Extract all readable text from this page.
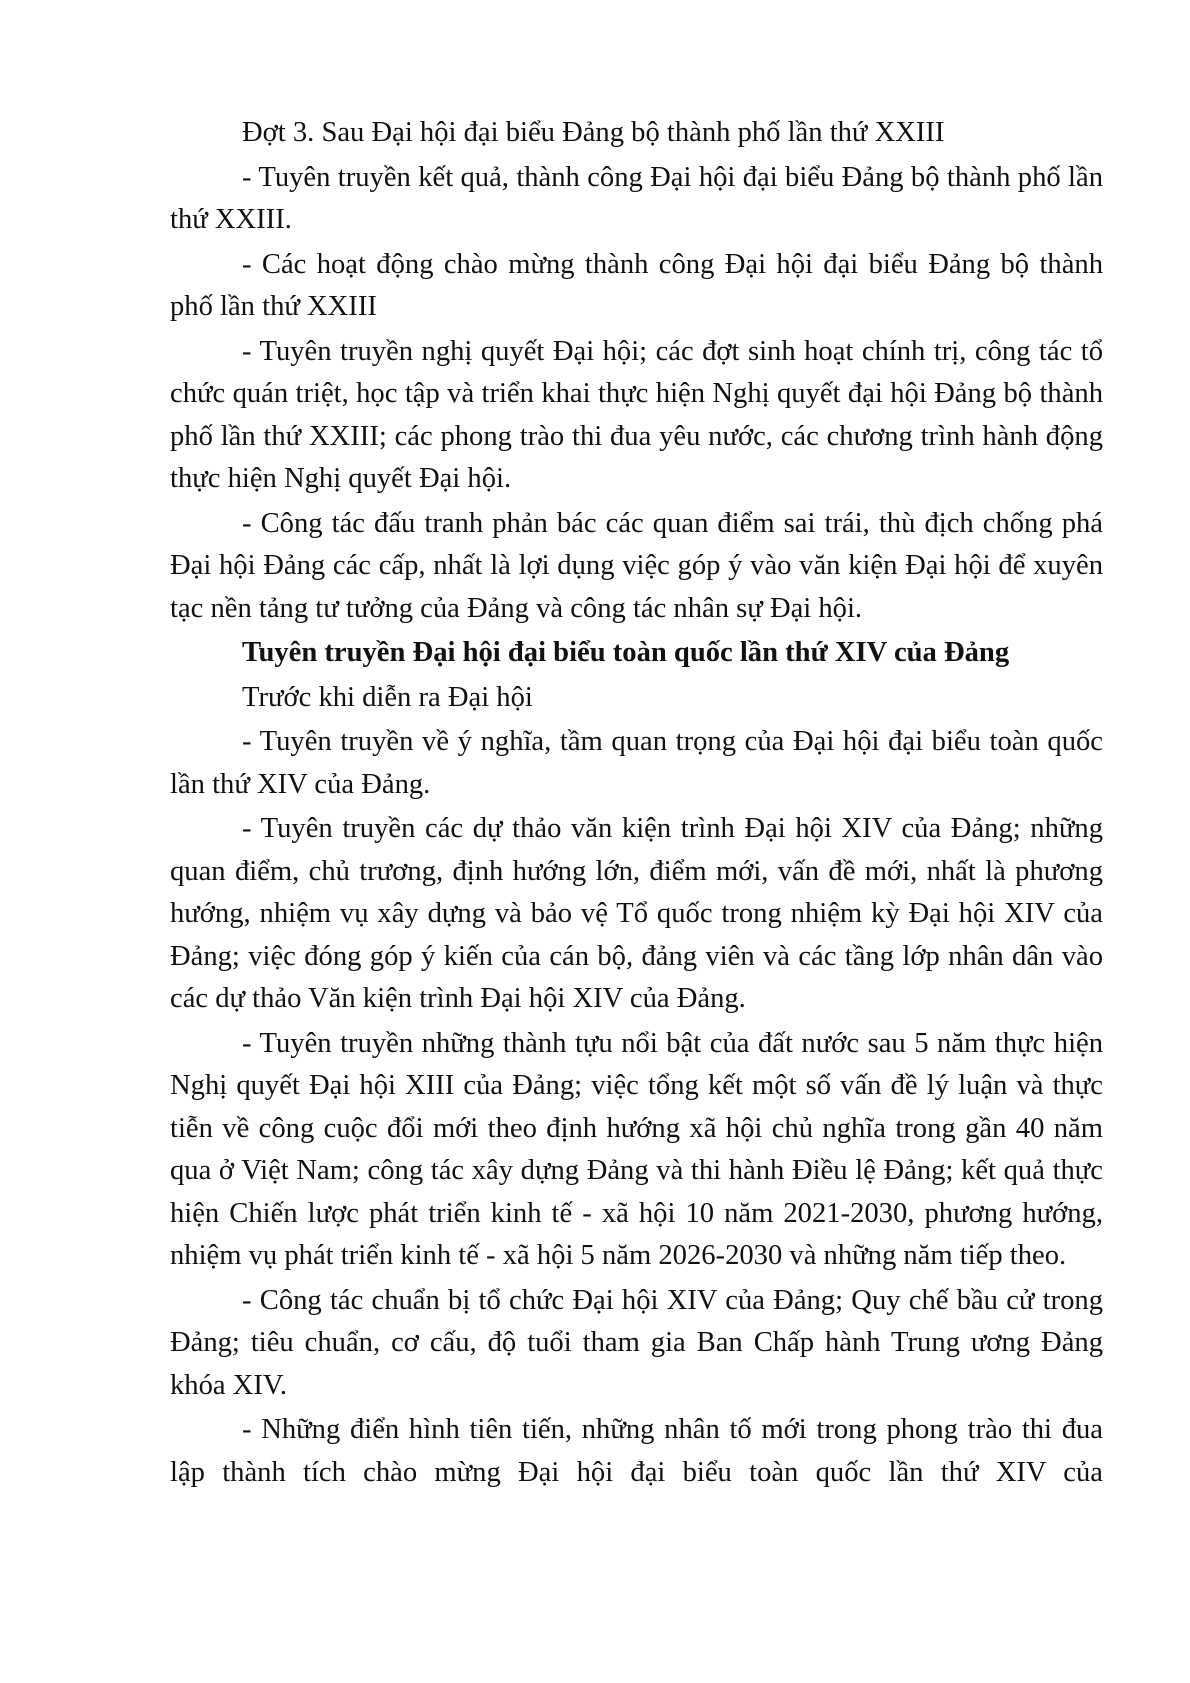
Đợt 3. Sau Đại hội đại biểu Đảng bộ thành phố lần thứ XXIII

- Tuyên truyền kết quả, thành công Đại hội đại biểu Đảng bộ thành phố lần thứ XXIII.

- Các hoạt động chào mừng thành công Đại hội đại biểu Đảng bộ thành phố lần thứ XXIII

- Tuyên truyền nghị quyết Đại hội; các đợt sinh hoạt chính trị, công tác tổ chức quán triệt, học tập và triển khai thực hiện Nghị quyết đại hội Đảng bộ thành phố lần thứ XXIII; các phong trào thi đua yêu nước, các chương trình hành động thực hiện Nghị quyết Đại hội.

- Công tác đấu tranh phản bác các quan điểm sai trái, thù địch chống phá Đại hội Đảng các cấp, nhất là lợi dụng việc góp ý vào văn kiện Đại hội để xuyên tạc nền tảng tư tưởng của Đảng và công tác nhân sự Đại hội.

Tuyên truyền Đại hội đại biểu toàn quốc lần thứ XIV của Đảng

Trước khi diễn ra Đại hội

- Tuyên truyền về ý nghĩa, tầm quan trọng của Đại hội đại biểu toàn quốc lần thứ XIV của Đảng.

- Tuyên truyền các dự thảo văn kiện trình Đại hội XIV của Đảng; những quan điểm, chủ trương, định hướng lớn, điểm mới, vấn đề mới, nhất là phương hướng, nhiệm vụ xây dựng và bảo vệ Tổ quốc trong nhiệm kỳ Đại hội XIV của Đảng; việc đóng góp ý kiến của cán bộ, đảng viên và các tầng lớp nhân dân vào các dự thảo Văn kiện trình Đại hội XIV của Đảng.

- Tuyên truyền những thành tựu nổi bật của đất nước sau 5 năm thực hiện Nghị quyết Đại hội XIII của Đảng; việc tổng kết một số vấn đề lý luận và thực tiễn về công cuộc đổi mới theo định hướng xã hội chủ nghĩa trong gần 40 năm qua ở Việt Nam; công tác xây dựng Đảng và thi hành Điều lệ Đảng; kết quả thực hiện Chiến lược phát triển kinh tế - xã hội 10 năm 2021-2030, phương hướng, nhiệm vụ phát triển kinh tế - xã hội 5 năm 2026-2030 và những năm tiếp theo.

- Công tác chuẩn bị tổ chức Đại hội XIV của Đảng; Quy chế bầu cử trong Đảng; tiêu chuẩn, cơ cấu, độ tuổi tham gia Ban Chấp hành Trung ương Đảng khóa XIV.

- Những điển hình tiên tiến, những nhân tố mới trong phong trào thi đua lập thành tích chào mừng Đại hội đại biểu toàn quốc lần thứ XIV của
